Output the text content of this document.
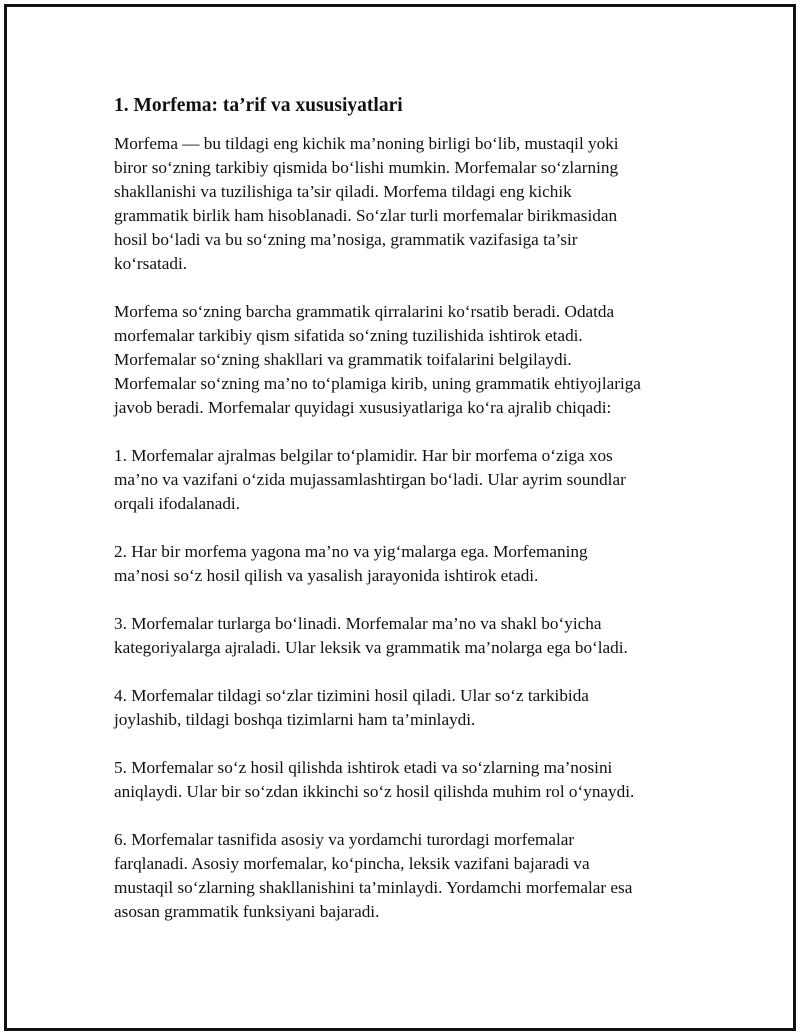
1. Morfema: ta’rif va xususiyatlari

Morfema — bu tildagi eng kichik ma’noning birligi bo‘lib, mustaqil yoki
biror so‘zning tarkibiy qismida bo‘lishi mumkin. Morfemalar so‘zlarning
shakllanishi va tuzilishiga ta’sir qiladi. Morfema tildagi eng kichik
grammatik birlik ham hisoblanadi. So‘zlar turli morfemalar birikmasidan
hosil bo‘ladi va bu so‘zning ma’nosiga, grammatik vazifasiga ta’sir
ko‘rsatadi.

Morfema so‘zning barcha grammatik qirralarini ko‘rsatib beradi. Odatda
morfemalar tarkibiy qism sifatida so‘zning tuzilishida ishtirok etadi.
Morfemalar so‘zning shakllari va grammatik toifalarini belgilaydi.
Morfemalar so‘zning ma’no to‘plamiga kirib, uning grammatik ehtiyojlariga
javob beradi. Morfemalar quyidagi xususiyatlariga ko‘ra ajralib chiqadi:

1. Morfemalar ajralmas belgilar to‘plamidir. Har bir morfema o‘ziga xos
ma’no va vazifani o‘zida mujassamlashtirgan bo‘ladi. Ular ayrim soundlar
orqali ifodalanadi.

2. Har bir morfema yagona ma’no va yig‘malarga ega. Morfemaning
ma’nosi so‘z hosil qilish va yasalish jarayonida ishtirok etadi.

3. Morfemalar turlarga bo‘linadi. Morfemalar ma’no va shakl bo‘yicha
kategoriyalarga ajraladi. Ular leksik va grammatik ma’nolarga ega bo‘ladi.

4. Morfemalar tildagi so‘zlar tizimini hosil qiladi. Ular so‘z tarkibida
joylashib, tildagi boshqa tizimlarni ham ta’minlaydi.

5. Morfemalar so‘z hosil qilishda ishtirok etadi va so‘zlarning ma’nosini
aniqlaydi. Ular bir so‘zdan ikkinchi so‘z hosil qilishda muhim rol o‘ynaydi.

6. Morfemalar tasnifida asosiy va yordamchi turordagi morfemalar
farqlanadi. Asosiy morfemalar, ko‘pincha, leksik vazifani bajaradi va
mustaqil so‘zlarning shakllanishini ta’minlaydi. Yordamchi morfemalar esa
asosan grammatik funksiyani bajaradi.
